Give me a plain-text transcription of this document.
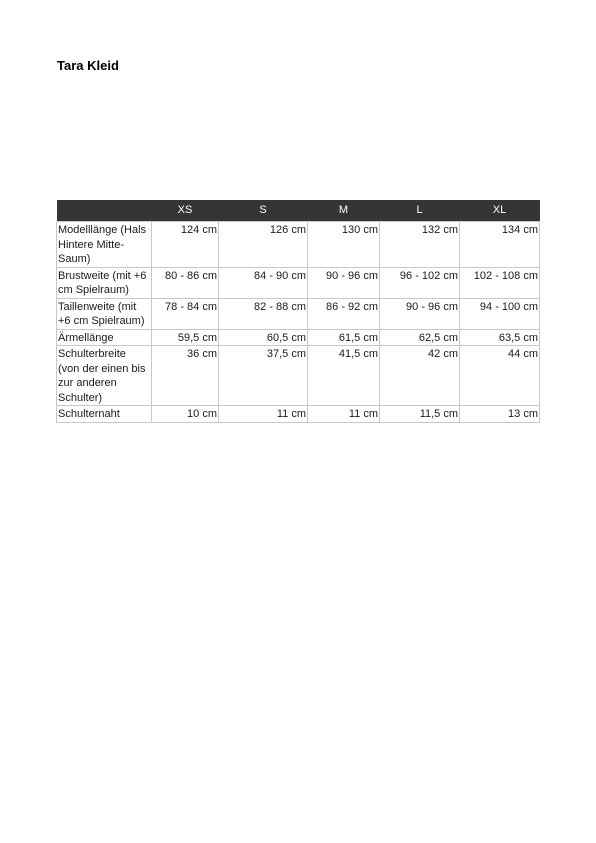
Tara Kleid
	XS	S	M	L	XL
Modelllänge (Hals Hintere Mitte-Saum)	124 cm	126 cm	130 cm	132 cm	134 cm
Brustweite (mit +6 cm Spielraum)	80 - 86 cm	84 - 90 cm	90 - 96 cm	96 - 102 cm	102 - 108 cm
Taillenweite (mit +6 cm Spielraum)	78 - 84 cm	82 - 88 cm	86 - 92 cm	90 - 96 cm	94 - 100 cm
Ärmellänge	59,5 cm	60,5 cm	61,5 cm	62,5 cm	63,5 cm
Schulterbreite (von der einen bis zur anderen Schulter)	36 cm	37,5 cm	41,5 cm	42 cm	44 cm
Schulternaht	10 cm	11 cm	11 cm	11,5 cm	13 cm
